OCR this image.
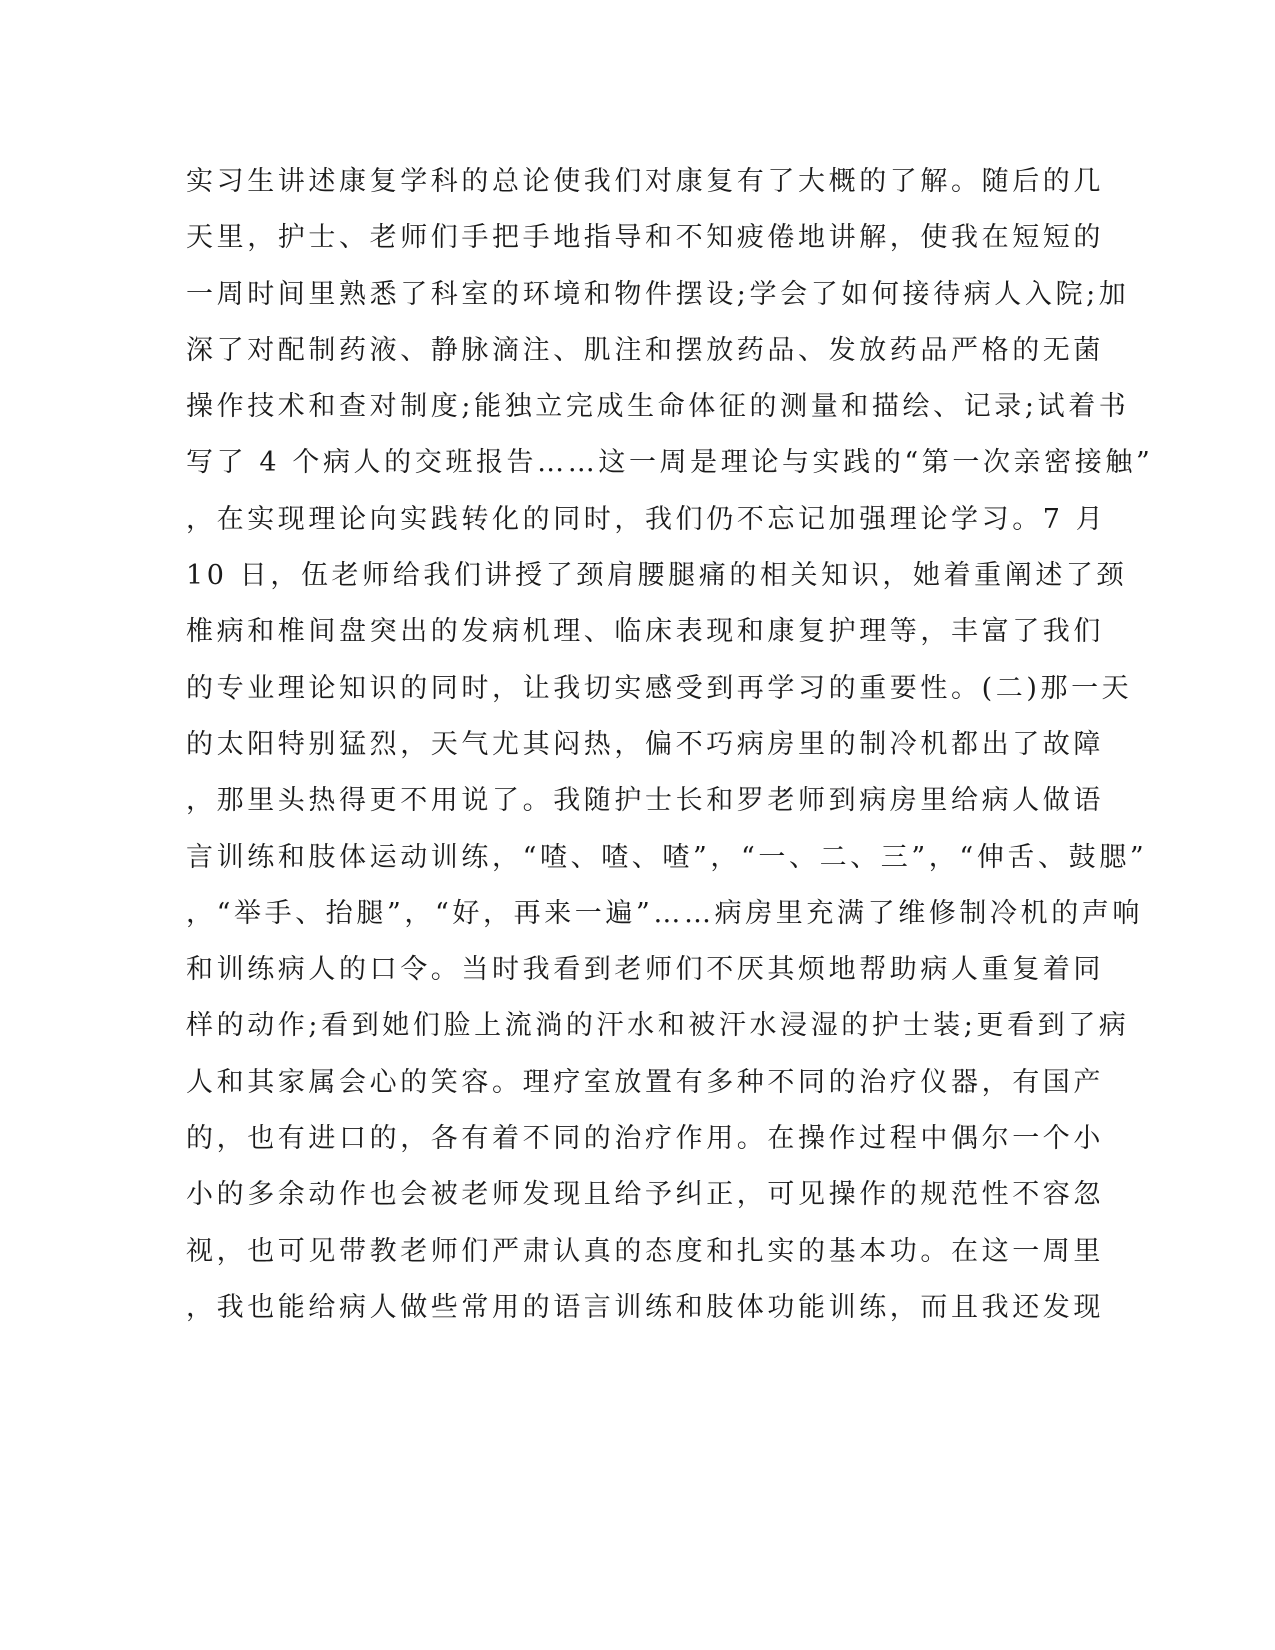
实习生讲述康复学科的总论使我们对康复有了大概的了解。随后的几
天里，护士、老师们手把手地指导和不知疲倦地讲解，使我在短短的
一周时间里熟悉了科室的环境和物件摆设;学会了如何接待病人入院;加
深了对配制药液、静脉滴注、肌注和摆放药品、发放药品严格的无菌
操作技术和查对制度;能独立完成生命体征的测量和描绘、记录;试着书
写了 4 个病人的交班报告……这一周是理论与实践的“第一次亲密接触”
，在实现理论向实践转化的同时，我们仍不忘记加强理论学习。7 月
10 日，伍老师给我们讲授了颈肩腰腿痛的相关知识，她着重阐述了颈
椎病和椎间盘突出的发病机理、临床表现和康复护理等，丰富了我们
的专业理论知识的同时，让我切实感受到再学习的重要性。(二)那一天
的太阳特别猛烈，天气尤其闷热，偏不巧病房里的制冷机都出了故障
，那里头热得更不用说了。我随护士长和罗老师到病房里给病人做语
言训练和肢体运动训练，“喳、喳、喳”，“一、二、三”，“伸舌、鼓腮”
，“举手、抬腿”，“好，再来一遍”……病房里充满了维修制冷机的声响
和训练病人的口令。当时我看到老师们不厌其烦地帮助病人重复着同
样的动作;看到她们脸上流淌的汗水和被汗水浸湿的护士装;更看到了病
人和其家属会心的笑容。理疗室放置有多种不同的治疗仪器，有国产
的，也有进口的，各有着不同的治疗作用。在操作过程中偶尔一个小
小的多余动作也会被老师发现且给予纠正，可见操作的规范性不容忽
视，也可见带教老师们严肃认真的态度和扎实的基本功。在这一周里
，我也能给病人做些常用的语言训练和肢体功能训练，而且我还发现
